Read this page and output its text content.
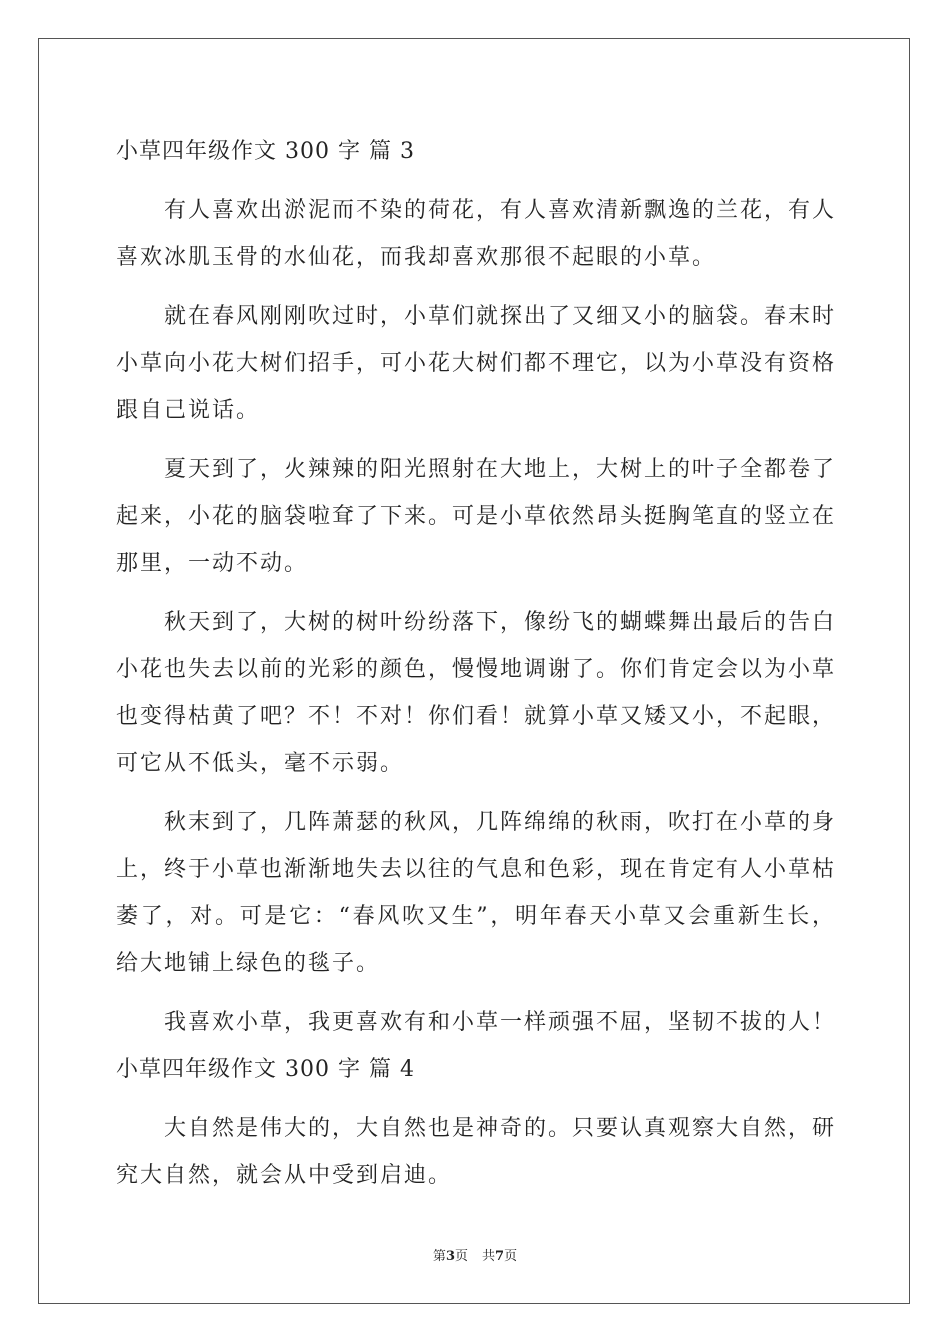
小草四年级作文 300 字 篇 3

有人喜欢出淤泥而不染的荷花，有人喜欢清新飘逸的兰花，有人喜欢冰肌玉骨的水仙花，而我却喜欢那很不起眼的小草。

就在春风刚刚吹过时，小草们就探出了又细又小的脑袋。春末时小草向小花大树们招手，可小花大树们都不理它，以为小草没有资格跟自己说话。

夏天到了，火辣辣的阳光照射在大地上，大树上的叶子全都卷了起来，小花的脑袋啦耷了下来。可是小草依然昂头挺胸笔直的竖立在那里，一动不动。

秋天到了，大树的树叶纷纷落下，像纷飞的蝴蝶舞出最后的告白小花也失去以前的光彩的颜色，慢慢地调谢了。你们肯定会以为小草也变得枯黄了吧？不！不对！你们看！就算小草又矮又小，不起眼，可它从不低头，毫不示弱。

秋末到了，几阵萧瑟的秋风，几阵绵绵的秋雨，吹打在小草的身上，终于小草也渐渐地失去以往的气息和色彩，现在肯定有人小草枯萎了，对。可是它：“春风吹又生”，明年春天小草又会重新生长，给大地铺上绿色的毯子。

我喜欢小草，我更喜欢有和小草一样顽强不屈，坚韧不拔的人！

小草四年级作文 300 字 篇 4

大自然是伟大的，大自然也是神奇的。只要认真观察大自然，研究大自然，就会从中受到启迪。

第3页 共7页
